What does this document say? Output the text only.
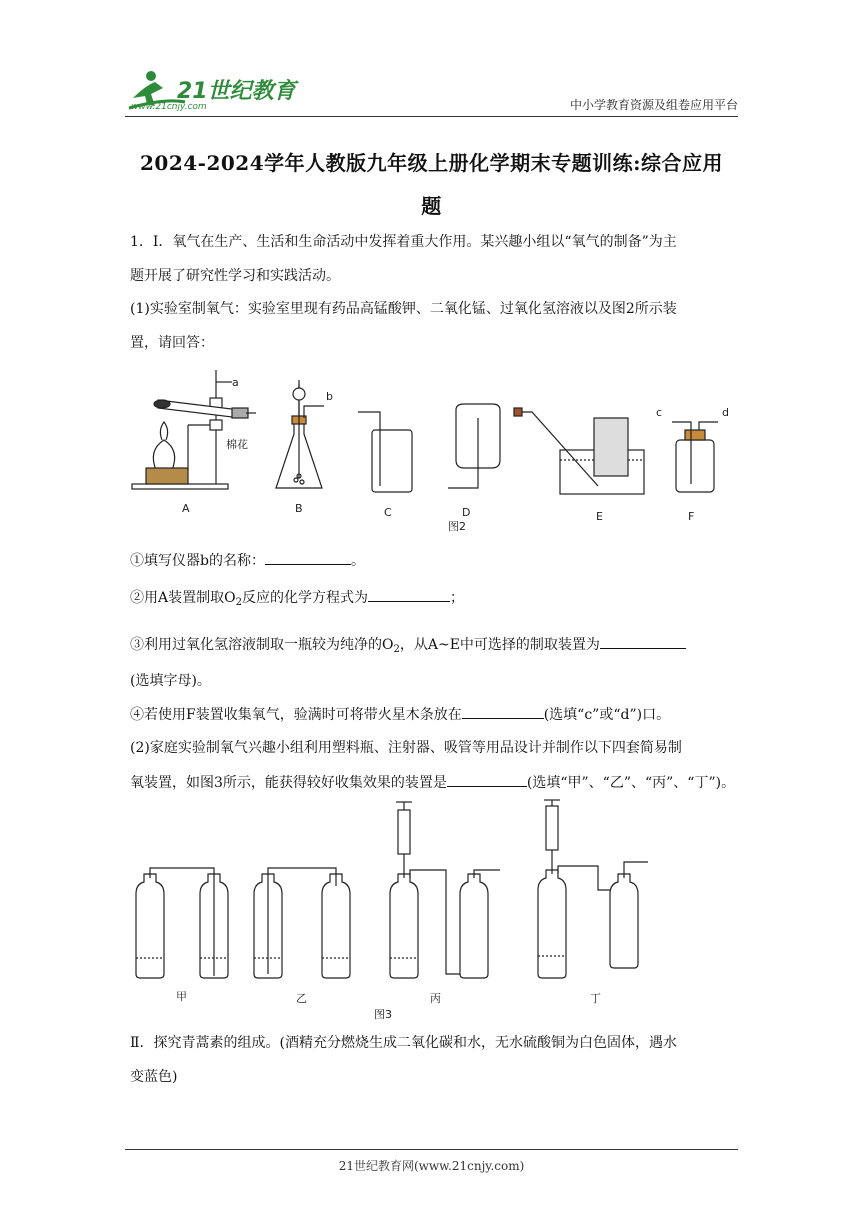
21世纪教育
www.21cnjy.com	中小学教育资源及组卷应用平台
2024-2024学年人教版九年级上册化学期末专题训练:综合应用
题
1．Ⅰ．氧气在生产、生活和生命活动中发挥着重大作用。某兴趣小组以“氧气的制备”为主
题开展了研究性学习和实践活动。
(1)实验室制氧气：实验室里现有药品高锰酸钾、二氧化锰、过氧化氢溶液以及图2所示装
置，请回答：
a
b
c	d
棉花
A	B	C	D	E	F
图2
①填写仪器b的名称：	。
②用A装置制取$O_2$反应的化学方程式为	；
③利用过氧化氢溶液制取一瓶较为纯净的$O_2$，从A~E中可选择的制取装置为
(选填字母)。
④若使用F装置收集氧气，验满时可将带火星木条放在	(选填“c”或“d”)口。
(2)家庭实验制氧气兴趣小组利用塑料瓶、注射器、吸管等用品设计并制作以下四套简易制
氧装置，如图3所示，能获得较好收集效果的装置是	(选填“甲”、“乙”、“丙”、“丁”)。
甲	乙	丙	丁
图3
Ⅱ．探究青蒿素的组成。(酒精充分燃烧生成二氧化碳和水，无水硫酸铜为白色固体，遇水
变蓝色)
21世纪教育网(www.21cnjy.com)
